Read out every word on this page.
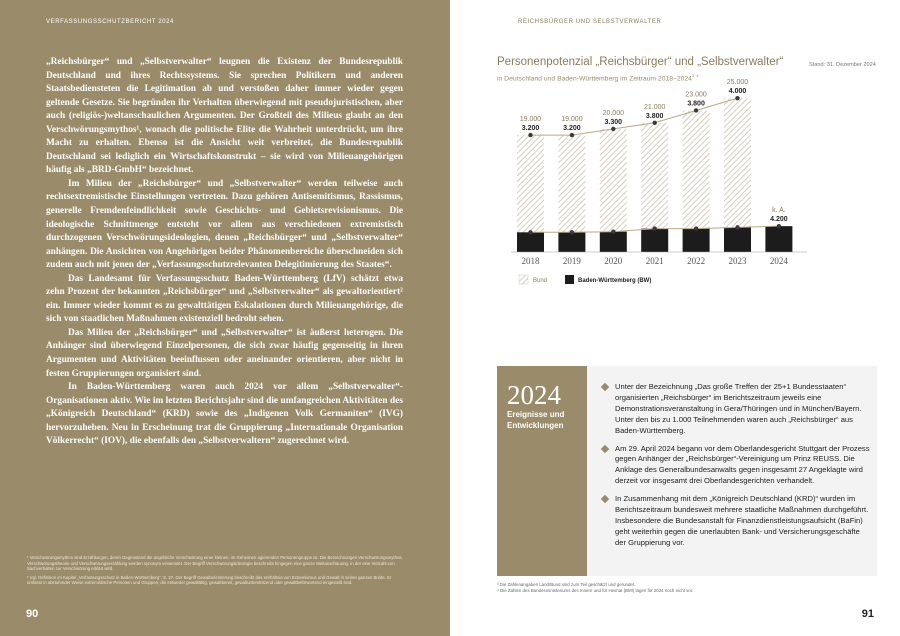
VERFASSUNGSSCHUTZBERICHT 2024

„Reichsbürger“ und „Selbstverwalter“ leugnen die Existenz der Bundesrepublik Deutschland und ihres Rechtssystems. Sie sprechen Politikern und anderen Staatsbediensteten die Legitimation ab und verstoßen daher immer wieder gegen geltende Gesetze. Sie begründen ihr Verhalten überwiegend mit pseudojuristischen, aber auch (religiös-)weltanschaulichen Argumenten. Der Großteil des Milieus glaubt an den Verschwörungsmythos¹, wonach die politische Elite die Wahrheit unterdrückt, um ihre Macht zu erhalten. Ebenso ist die Ansicht weit verbreitet, die Bundesrepublik Deutschland sei lediglich ein Wirtschaftskonstrukt – sie wird von Milieuangehörigen häufig als „BRD-GmbH“ bezeichnet.

Im Milieu der „Reichsbürger“ und „Selbstverwalter“ werden teilweise auch rechtsextremistische Einstellungen vertreten. Dazu gehören Antisemitismus, Rassismus, generelle Fremdenfeindlichkeit sowie Geschichts- und Gebietsrevisionismus. Die ideologische Schnittmenge entsteht vor allem aus verschiedenen extremistisch durchzogenen Verschwörungsideologien, denen „Reichsbürger“ und „Selbstverwalter“ anhängen. Die Ansichten von Angehörigen beider Phänomenbereiche überschneiden sich zudem auch mit jenen der „Verfassungsschutzrelevanten Delegitimierung des Staates“.

Das Landesamt für Verfassungsschutz Baden-Württemberg (LfV) schätzt etwa zehn Prozent der bekannten „Reichsbürger“ und „Selbstverwalter“ als gewaltorientiert² ein. Immer wieder kommt es zu gewalttätigen Eskalationen durch Milieuangehörige, die sich von staatlichen Maßnahmen existenziell bedroht sehen.

Das Milieu der „Reichsbürger“ und „Selbstverwalter“ ist äußerst heterogen. Die Anhänger sind überwiegend Einzelpersonen, die sich zwar häufig gegenseitig in ihren Argumenten und Aktivitäten beeinflussen oder aneinander orientieren, aber nicht in festen Gruppierungen organisiert sind.

In Baden-Württemberg waren auch 2024 vor allem „Selbstverwalter“-Organisationen aktiv. Wie im letzten Berichtsjahr sind die umfangreichen Aktivitäten des „Königreich Deutschland“ (KRD) sowie des „Indigenen Volk Germaniten“ (IVG) hervorzuheben. Neu in Erscheinung trat die Gruppierung „Internationale Organisation Völkerrecht“ (IOV), die ebenfalls den „Selbstverwaltern“ zugerechnet wird.

¹ Verschwörungsmythen sind Erzählungen, deren Gegenstand die angebliche Verschwörung einer kleinen, im Geheimen agierenden Personengruppe ist. Die Bezeichnungen Verschwörungsmythos, Verschwörungstheorie und Verschwörungserzählung werden synonym verwendet. Der Begriff Verschwörungsideologie beschreibt hingegen eine ganze Weltanschauung, in der eine Vielzahl von Sachverhalten zur Verschwörung erklärt wird.

² Vgl. Definition im Kapitel „Verfassungsschutz in Baden-Württemberg“, S. 27. Der Begriff Gewaltorientierung beschreibt das Verhältnis von Extremismus und Gewalt in seiner ganzen Breite. Er umfasst in abstufender Weise extremistische Personen und Gruppen, die entweder gewalttätig, gewaltbereit, gewaltunterstützend oder gewaltbefürwortend eingestellt sind.

90
REICHSBÜRGER UND SELBSTVERWALTER
Personenpotenzial „Reichsbürger“ und „Selbstverwalter“
in Deutschland und Baden-Württemberg im Zeitraum 2018–2024$^{3, 4}$
Stand: 31. Dezember 2024
19.000
3.200
19.000
3.200
20.000
3.300
21.000
3.800
23.000
3.800
25.000
4.000
k. A.
4.200
2018	2019	2020	2021	2022	2023	2024
Bund	Baden-Württemberg (BW)
2024
Ereignisse und Entwicklungen
Unter der Bezeichnung „Das große Treffen der 25+1 Bundesstaaten“ organisierten „Reichsbürger“ im Berichtszeitraum jeweils eine Demonstrationsveranstaltung in Gera/Thüringen und in München/Bayern. Unter den bis zu 1.000 Teilnehmenden waren auch „Reichsbürger“ aus Baden-Württemberg.
Am 29. April 2024 begann vor dem Oberlandesgericht Stuttgart der Prozess gegen Anhänger der „Reichsbürger“-Vereinigung um Prinz REUSS. Die Anklage des Generalbundesanwalts gegen insgesamt 27 Angeklagte wird derzeit vor insgesamt drei Oberlandesgerichten verhandelt.
In Zusammenhang mit dem „Königreich Deutschland (KRD)“ wurden im Berichtszeitraum bundesweit mehrere staatliche Maßnahmen durchgeführt. Insbesondere die Bundesanstalt für Finanzdienstleistungsaufsicht (BaFin) geht weiterhin gegen die unerlaubten Bank- und Versicherungsgeschäfte der Gruppierung vor.

³ Die Zahlenangaben Land/Bund sind zum Teil geschätzt und gerundet.

⁴ Die Zahlen des Bundesministeriums des Innern und für Heimat (BMI) lagen für 2024 noch nicht vor.

91
